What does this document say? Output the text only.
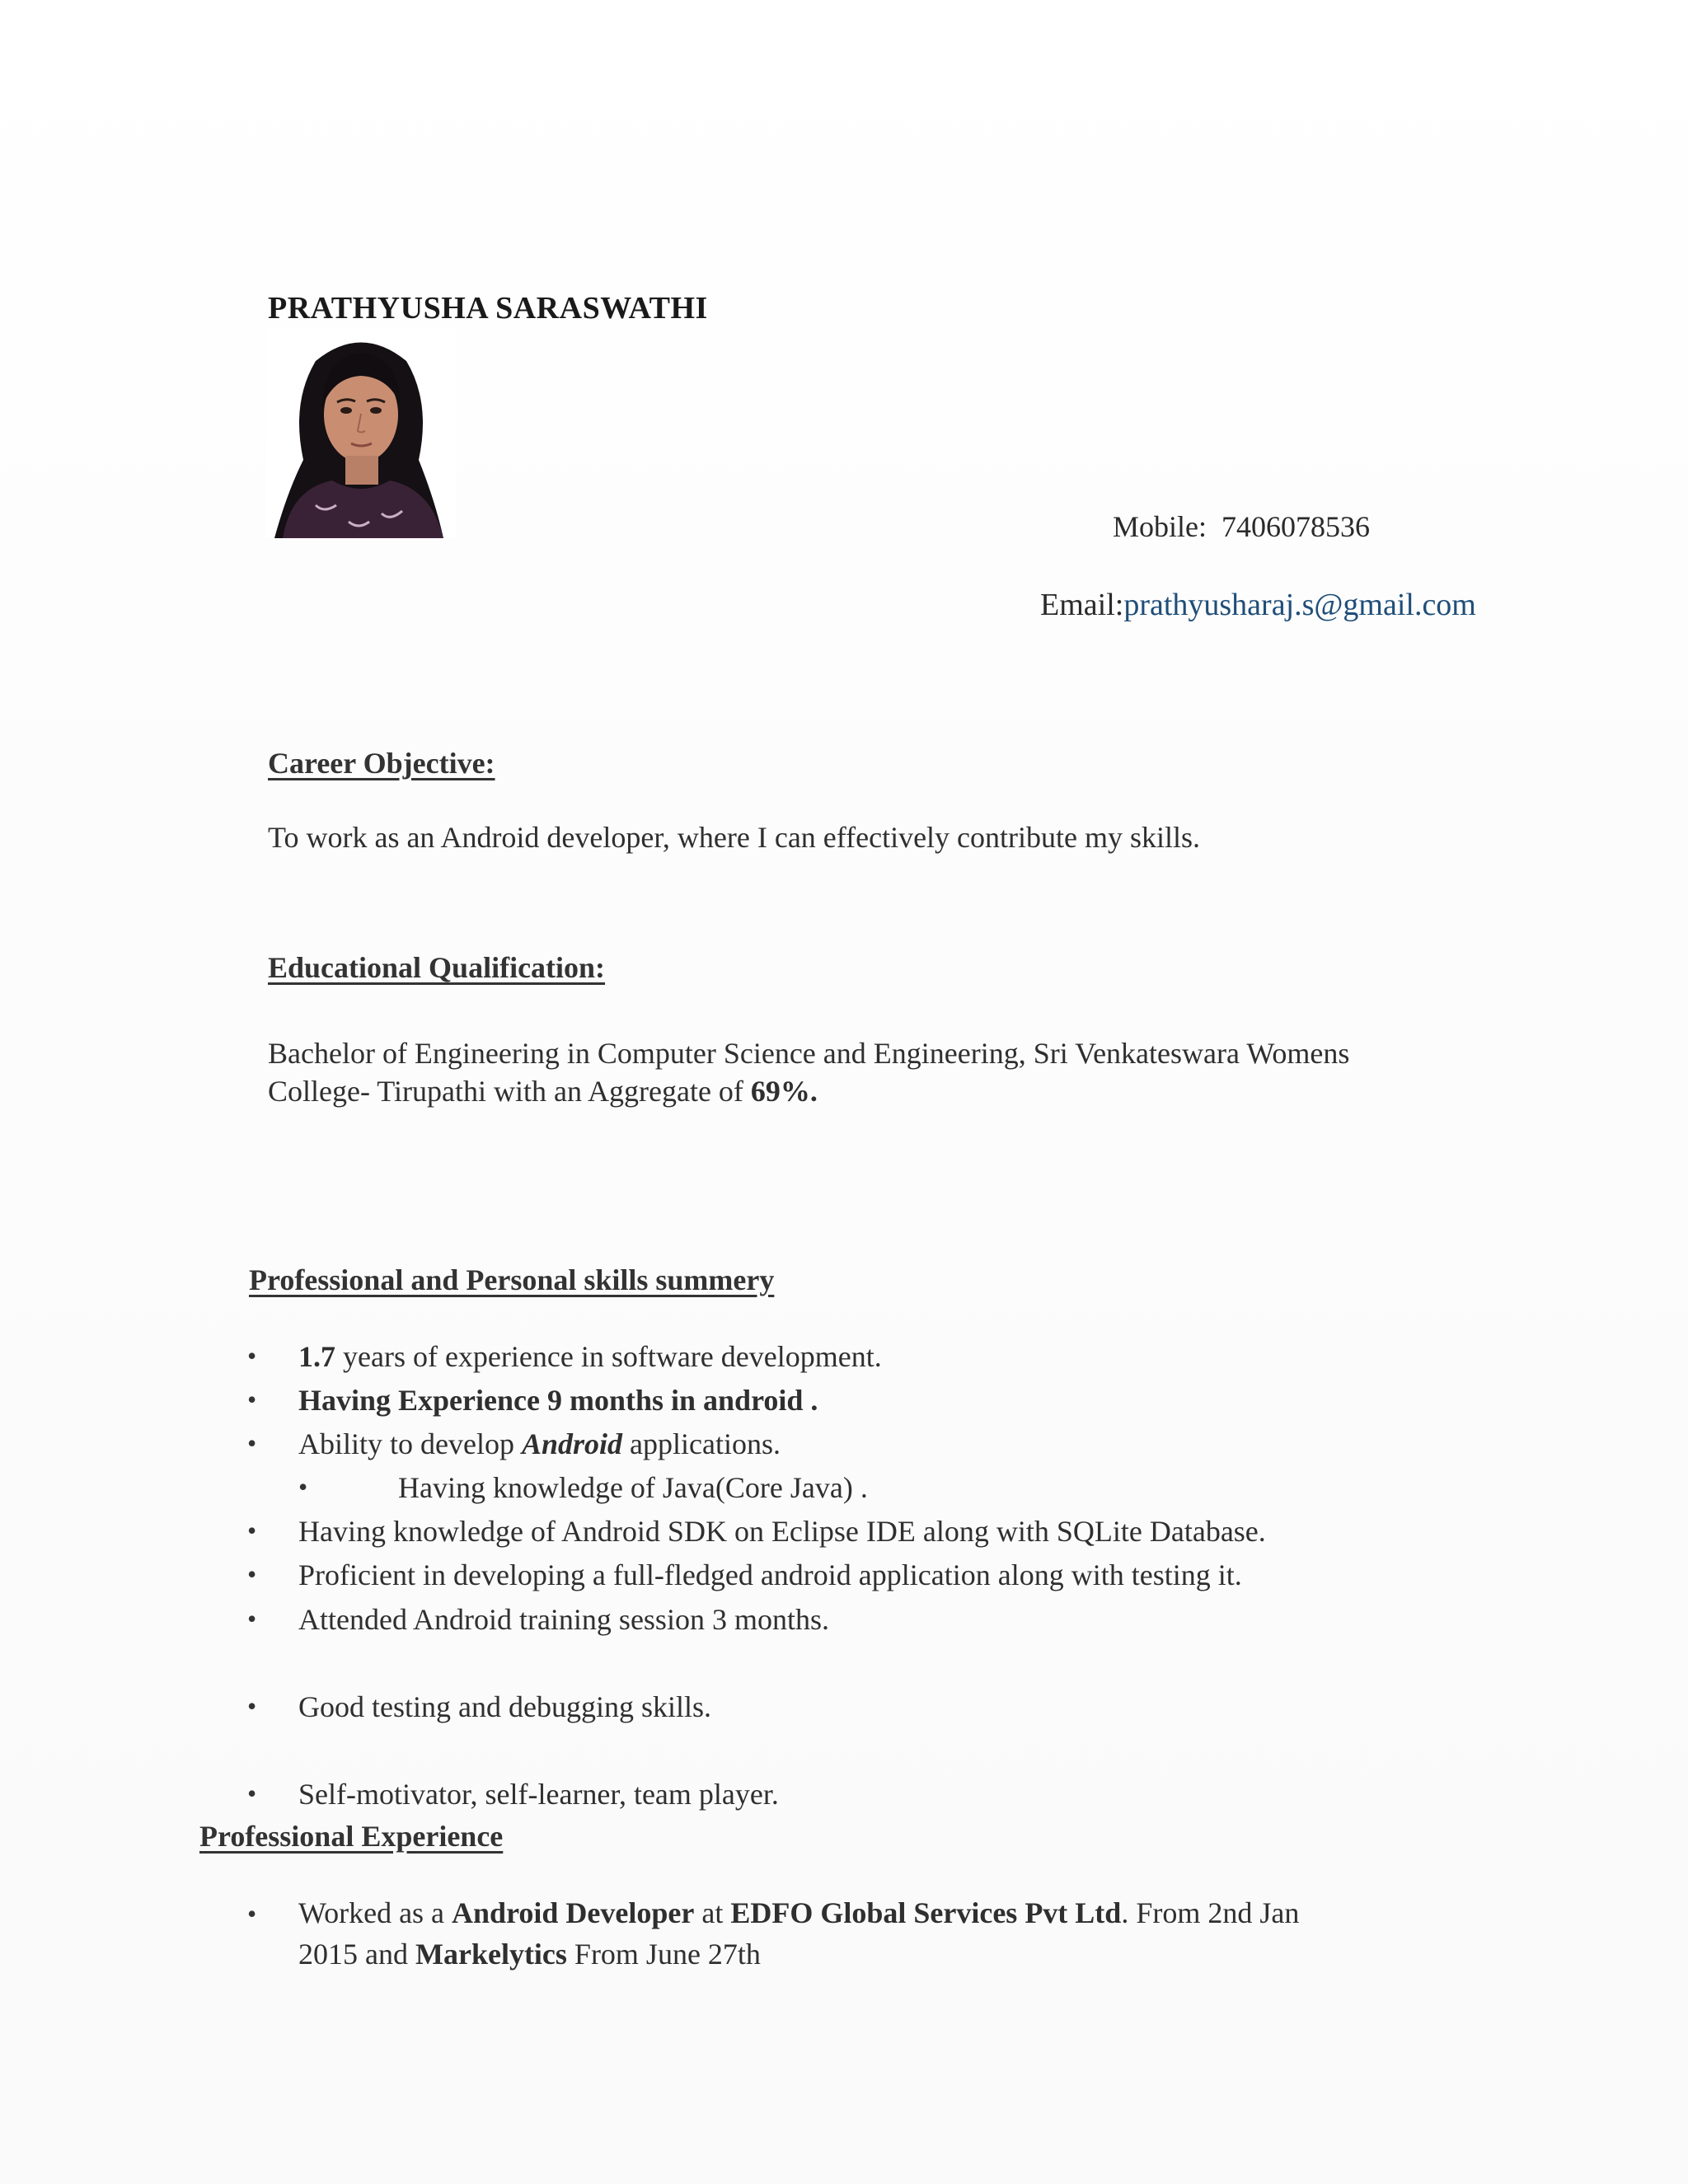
PRATHYUSHA SARASWATHI
Mobile: 7406078536
Email:prathyusharaj.s@gmail.com
Career Objective:
To work as an Android developer, where I can effectively contribute my skills.
Educational Qualification:
Bachelor of Engineering in Computer Science and Engineering, Sri Venkateswara Womens
College- Tirupathi with an Aggregate of 69%.
Professional and Personal skills summery
• 1.7 years of experience in software development.
• Having Experience 9 months in android .
• Ability to develop Android applications.
•	Having knowledge of Java(Core Java) .
• Having knowledge of Android SDK on Eclipse IDE along with SQLite Database.
• Proficient in developing a full-fledged android application along with testing it.
• Attended Android training session 3 months.
• Good testing and debugging skills.
• Self-motivator, self-learner, team player.
Professional Experience
• Worked as a Android Developer at EDFO Global Services Pvt Ltd. From 2nd Jan
2015 and Markelytics From June 27th
